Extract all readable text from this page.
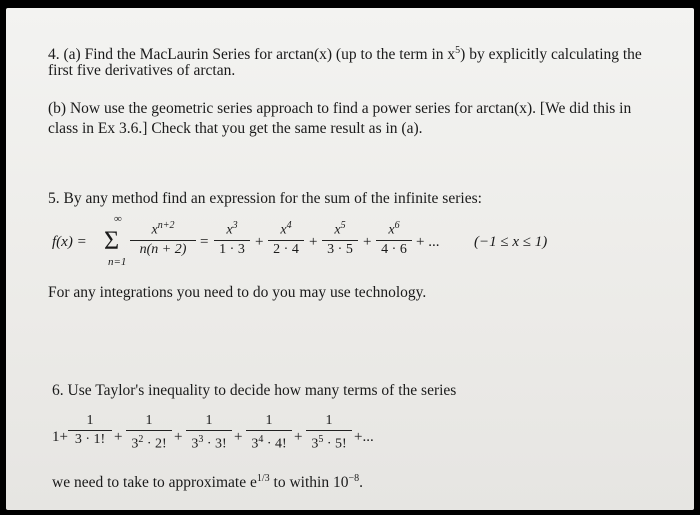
4. (a) Find the MacLaurin Series for arctan(x) (up to the term in $x^5$) by explicitly calculating the
first five derivatives of arctan.
(b) Now use the geometric series approach to find a power series for arctan(x). [We did this in
class in Ex 3.6.] Check that you get the same result as in (a).
5. By any method find an expression for the sum of the infinite series:
f(x) =
∞
Σ
n=1
$x^{n+2}$
n(n + 2) =
$x^3$
1 · 3 +
$x^4$
2 · 4 +
$x^5$
3 · 5 +
$x^6$
4 · 6 + ... (−1 ≤ x ≤ 1)
For any integrations you need to do you may use technology.
6. Use Taylor's inequality to decide how many terms of the series
1+
1
3 · 1! +
1
$3^2 \cdot 2$! +
1
$3^3 \cdot 3$! +
1
$3^4 \cdot 4$! +
1
$3^5 \cdot 5$! +...
we need to take to approximate $e^{1/3}$ to within $10^{-8}$.
